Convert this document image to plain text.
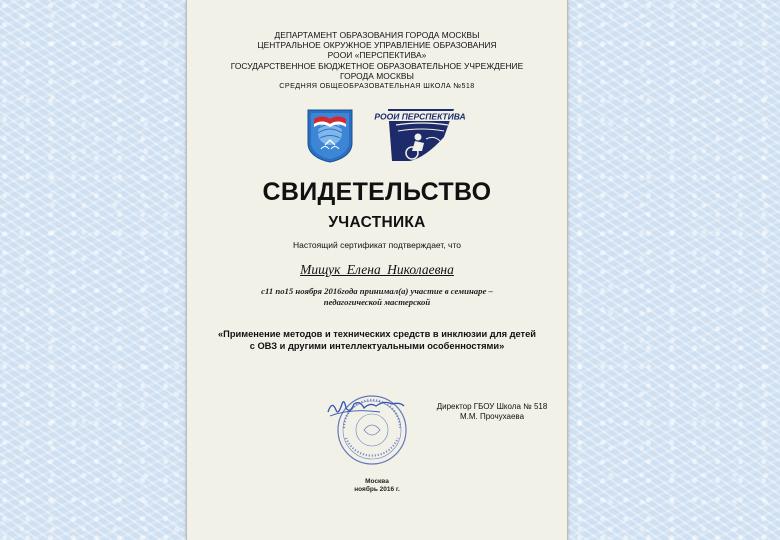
ДЕПАРТАМЕНТ ОБРАЗОВАНИЯ ГОРОДА МОСКВЫ
ЦЕНТРАЛЬНОЕ ОКРУЖНОЕ УПРАВЛЕНИЕ ОБРАЗОВАНИЯ
РООИ «ПЕРСПЕКТИВА»
ГОСУДАРСТВЕННОЕ БЮДЖЕТНОЕ ОБРАЗОВАТЕЛЬНОЕ УЧРЕЖДЕНИЕ
ГОРОДА МОСКВЫ
СРЕДНЯЯ ОБЩЕОБРАЗОВАТЕЛЬНАЯ ШКОЛА №518
РООИ ПЕРСПЕКТИВА
СВИДЕТЕЛЬСТВО
УЧАСТНИКА
Настоящий сертификат подтверждает, что
Мищук Елена Николаевна
с11 по15 ноября 2016года принимал(а) участие в семинаре –
педагогической мастерской
«Применение методов и технических средств в инклюзии для детей
с ОВЗ и другими интеллектуальными особенностями»
Директор ГБОУ Школа № 518
М.М. Прочухаева
Москва
ноябрь 2016 г.
